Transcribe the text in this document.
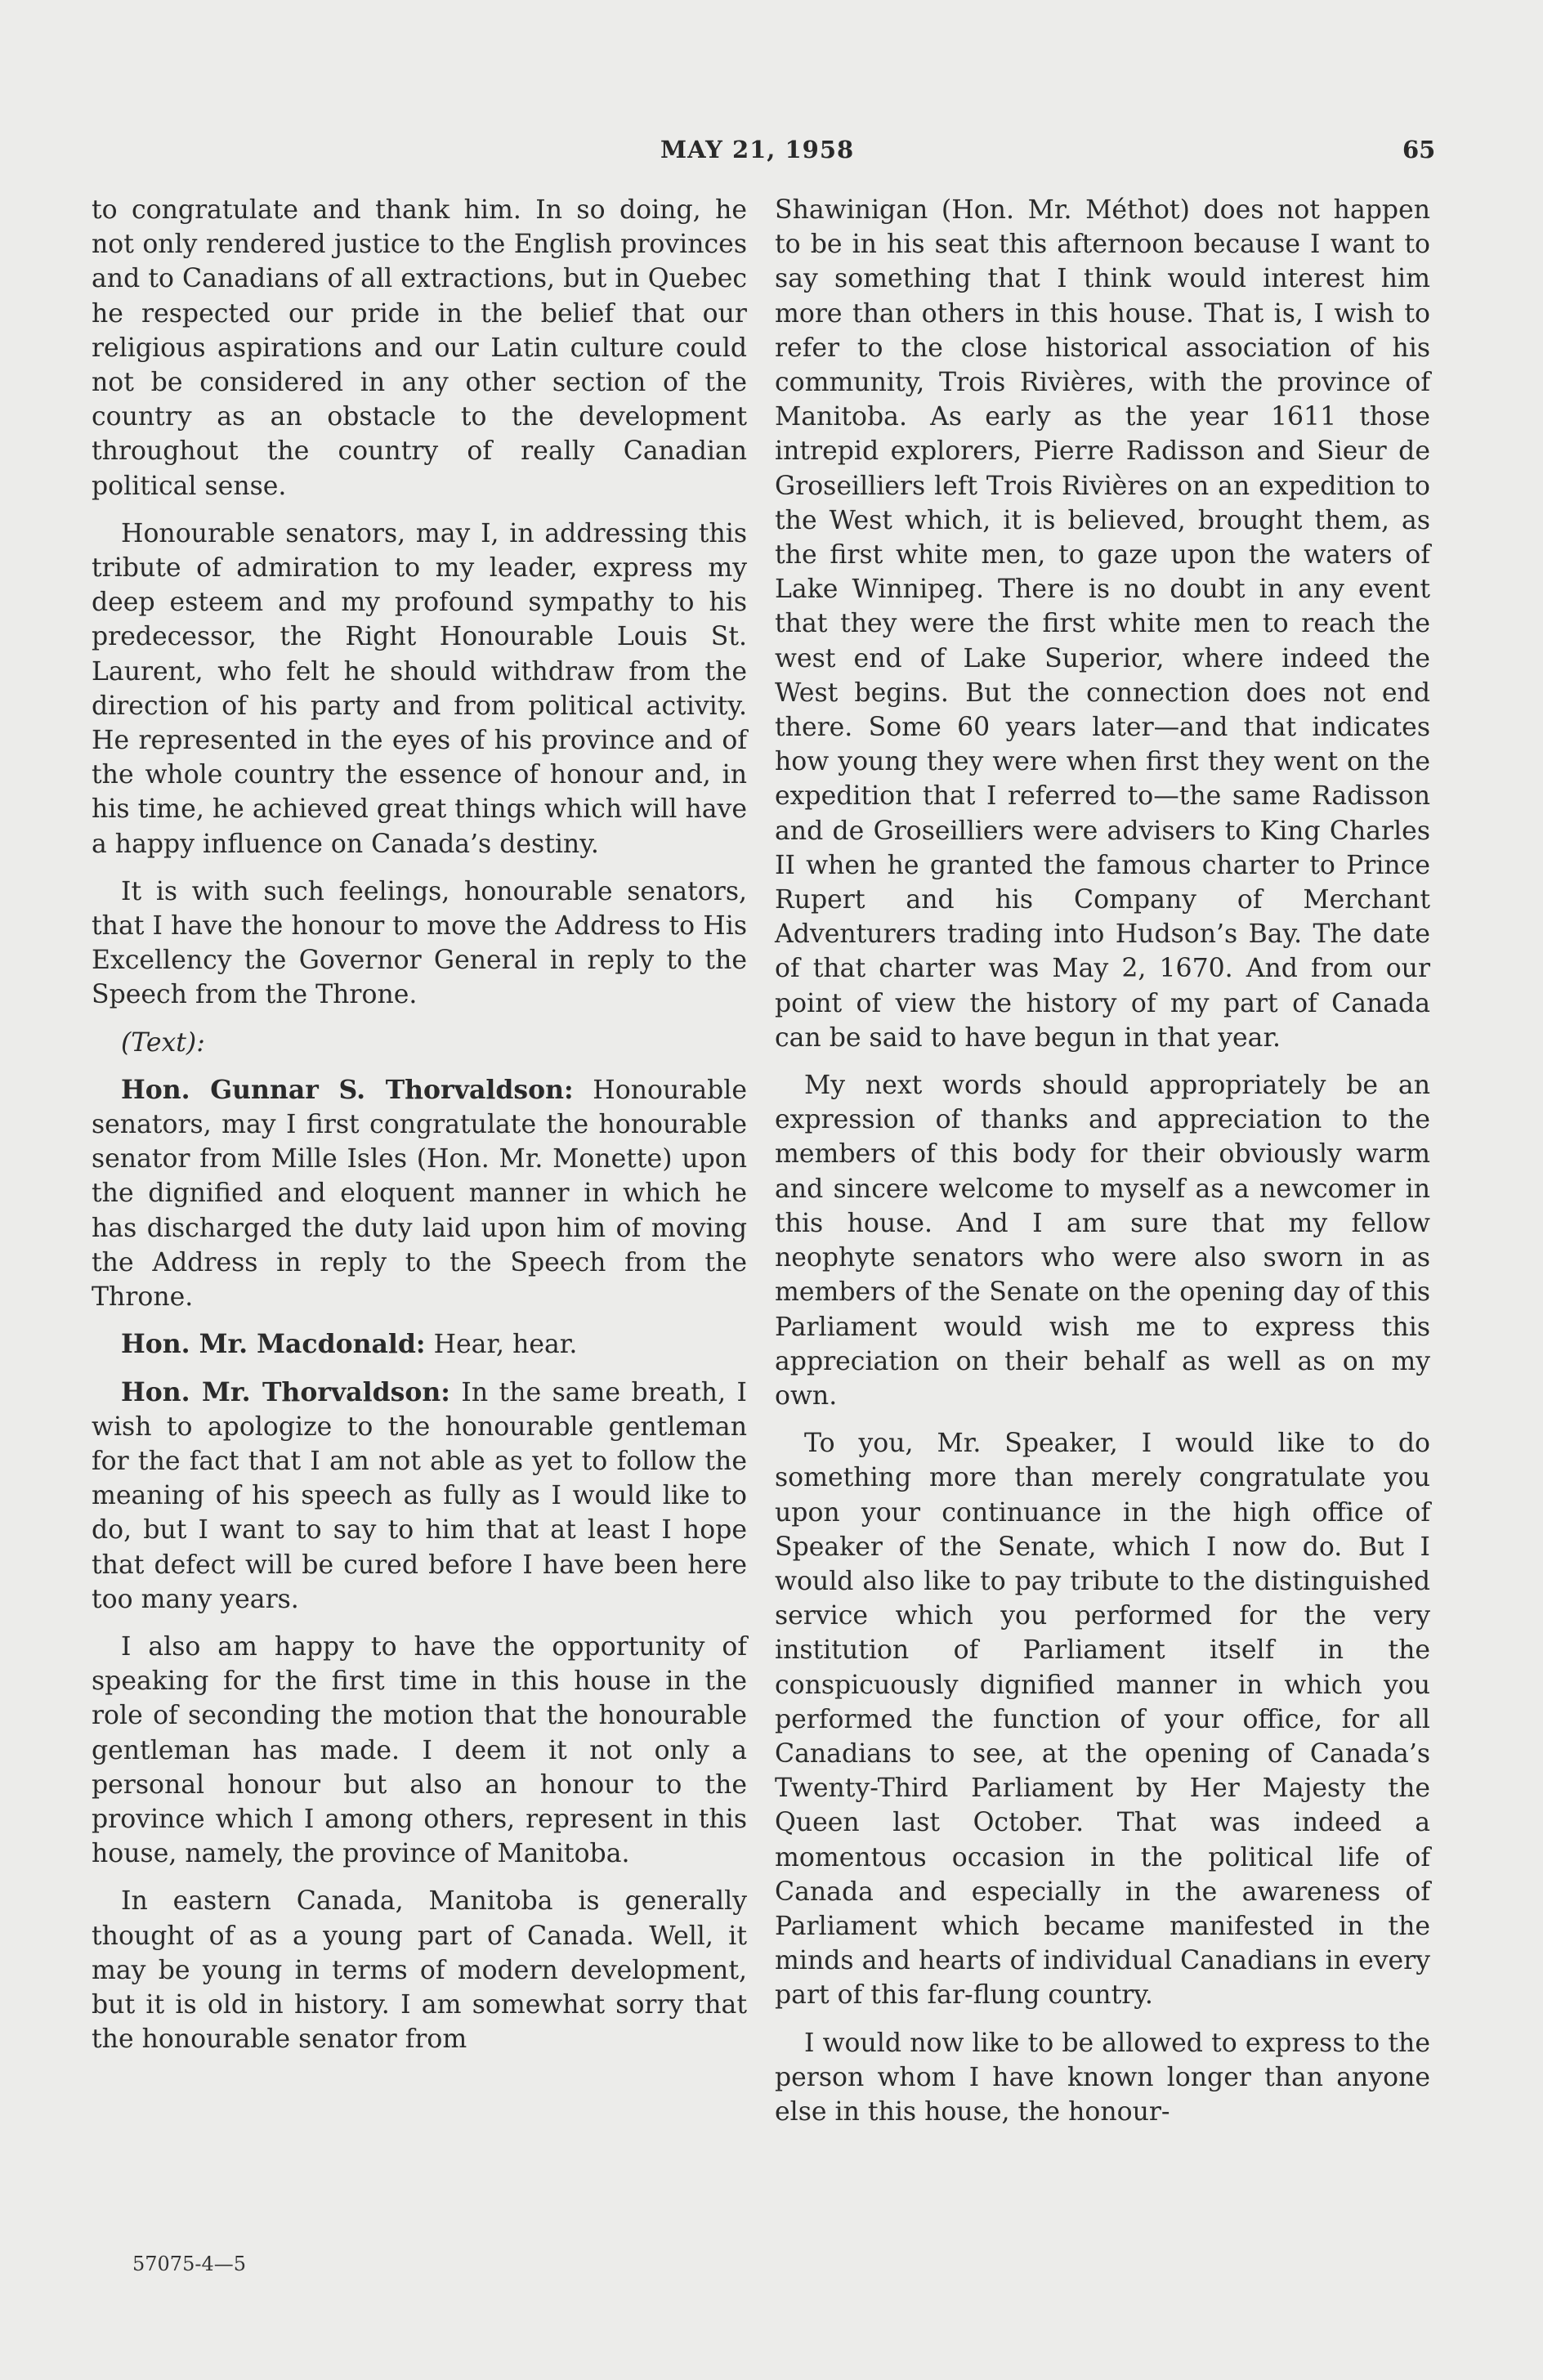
MAY 21, 1958	65

to congratulate and thank him. In so doing, he not only rendered justice to the English provinces and to Canadians of all extractions, but in Quebec he respected our pride in the belief that our religious aspirations and our Latin culture could not be considered in any other section of the country as an obstacle to the development throughout the country of really Canadian political sense.

Honourable senators, may I, in addressing this tribute of admiration to my leader, express my deep esteem and my profound sympathy to his predecessor, the Right Honourable Louis St. Laurent, who felt he should withdraw from the direction of his party and from political activity. He represented in the eyes of his province and of the whole country the essence of honour and, in his time, he achieved great things which will have a happy influence on Canada’s destiny.

It is with such feelings, honourable senators, that I have the honour to move the Address to His Excellency the Governor General in reply to the Speech from the Throne.

(Text):

Hon. Gunnar S. Thorvaldson: Honourable senators, may I first congratulate the honourable senator from Mille Isles (Hon. Mr. Monette) upon the dignified and eloquent manner in which he has discharged the duty laid upon him of moving the Address in reply to the Speech from the Throne.

Hon. Mr. Macdonald: Hear, hear.

Hon. Mr. Thorvaldson: In the same breath, I wish to apologize to the honourable gentleman for the fact that I am not able as yet to follow the meaning of his speech as fully as I would like to do, but I want to say to him that at least I hope that defect will be cured before I have been here too many years.

I also am happy to have the opportunity of speaking for the first time in this house in the role of seconding the motion that the honourable gentleman has made. I deem it not only a personal honour but also an honour to the province which I among others, represent in this house, namely, the province of Manitoba.

In eastern Canada, Manitoba is generally thought of as a young part of Canada. Well, it may be young in terms of modern development, but it is old in history. I am somewhat sorry that the honourable senator from

Shawinigan (Hon. Mr. Méthot) does not happen to be in his seat this afternoon because I want to say something that I think would interest him more than others in this house. That is, I wish to refer to the close historical association of his community, Trois Rivières, with the province of Manitoba. As early as the year 1611 those intrepid explorers, Pierre Radisson and Sieur de Groseilliers left Trois Rivières on an expedition to the West which, it is believed, brought them, as the first white men, to gaze upon the waters of Lake Winnipeg. There is no doubt in any event that they were the first white men to reach the west end of Lake Superior, where indeed the West begins. But the connection does not end there. Some 60 years later—and that indicates how young they were when first they went on the expedition that I referred to—the same Radisson and de Groseilliers were advisers to King Charles II when he granted the famous charter to Prince Rupert and his Company of Merchant Adventurers trading into Hudson’s Bay. The date of that charter was May 2, 1670. And from our point of view the history of my part of Canada can be said to have begun in that year.

My next words should appropriately be an expression of thanks and appreciation to the members of this body for their obviously warm and sincere welcome to myself as a newcomer in this house. And I am sure that my fellow neophyte senators who were also sworn in as members of the Senate on the opening day of this Parliament would wish me to express this appreciation on their behalf as well as on my own.

To you, Mr. Speaker, I would like to do something more than merely congratulate you upon your continuance in the high office of Speaker of the Senate, which I now do. But I would also like to pay tribute to the distinguished service which you performed for the very institution of Parliament itself in the conspicuously dignified manner in which you performed the function of your office, for all Canadians to see, at the opening of Canada’s Twenty-Third Parliament by Her Majesty the Queen last October. That was indeed a momentous occasion in the political life of Canada and especially in the awareness of Parliament which became manifested in the minds and hearts of individual Canadians in every part of this far-flung country.

I would now like to be allowed to express to the person whom I have known longer than anyone else in this house, the honour-

57075-4—5
